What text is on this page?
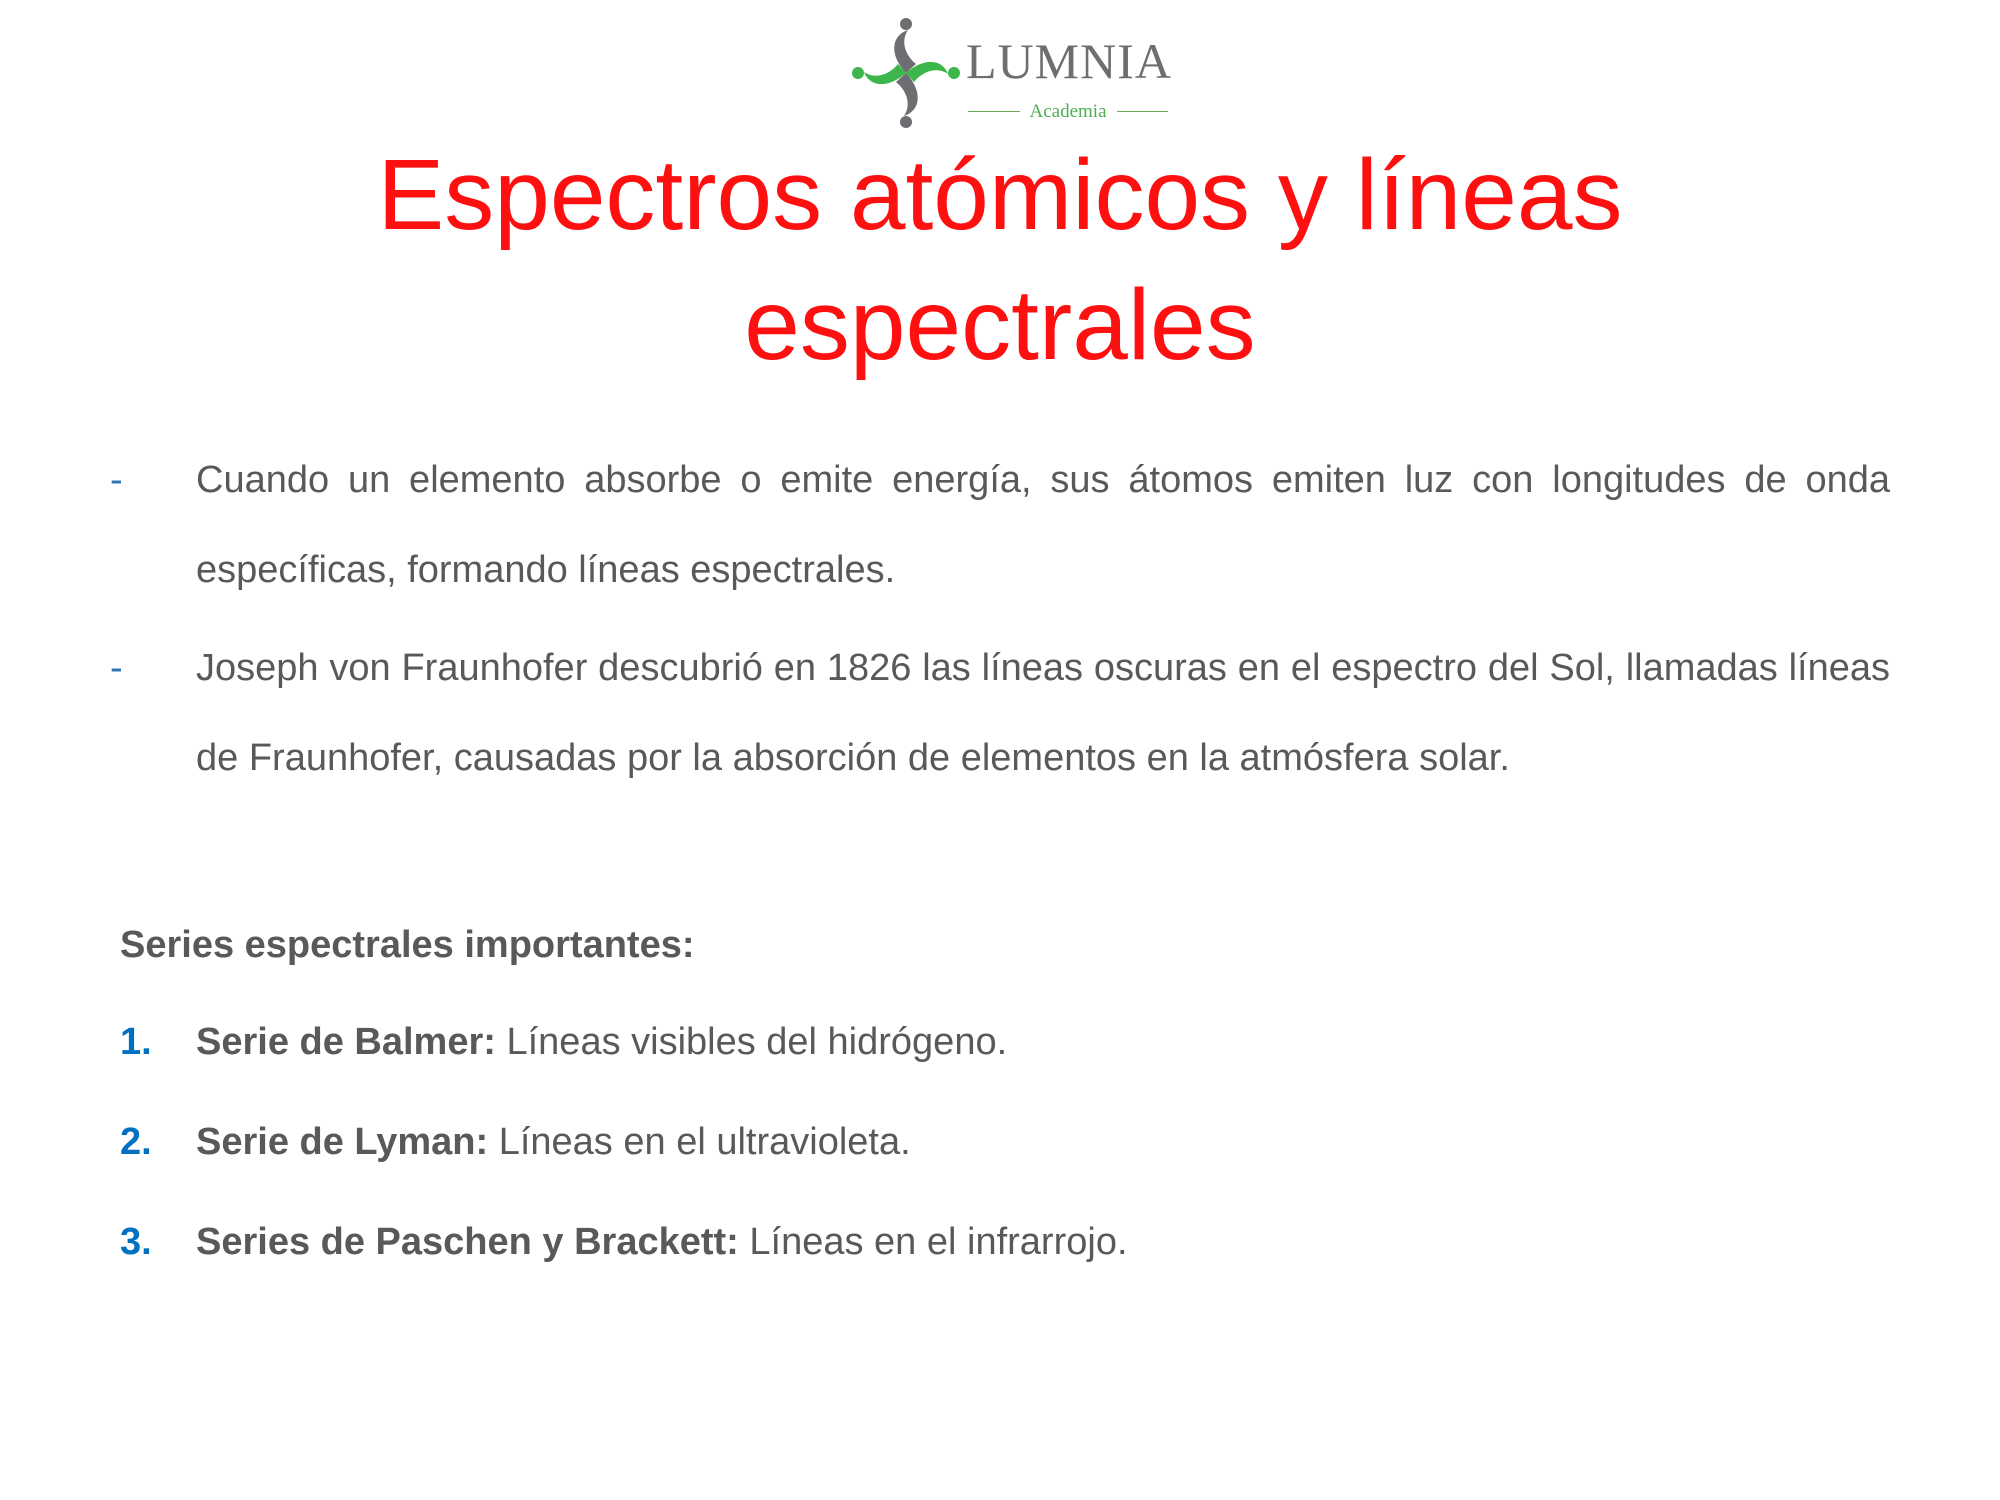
LUMNIA
Academia
Espectros atómicos y líneas espectrales
-	Cuando un elemento absorbe o emite energía, sus átomos emiten luz con longitudes de onda específicas, formando líneas espectrales.

-	Joseph von Fraunhofer descubrió en 1826 las líneas oscuras en el espectro del Sol, llamadas líneas de Fraunhofer, causadas por la absorción de elementos en la atmósfera solar.

Series espectrales importantes:

1. Serie de Balmer: Líneas visibles del hidrógeno.
2. Serie de Lyman: Líneas en el ultravioleta.
3. Series de Paschen y Brackett: Líneas en el infrarrojo.
